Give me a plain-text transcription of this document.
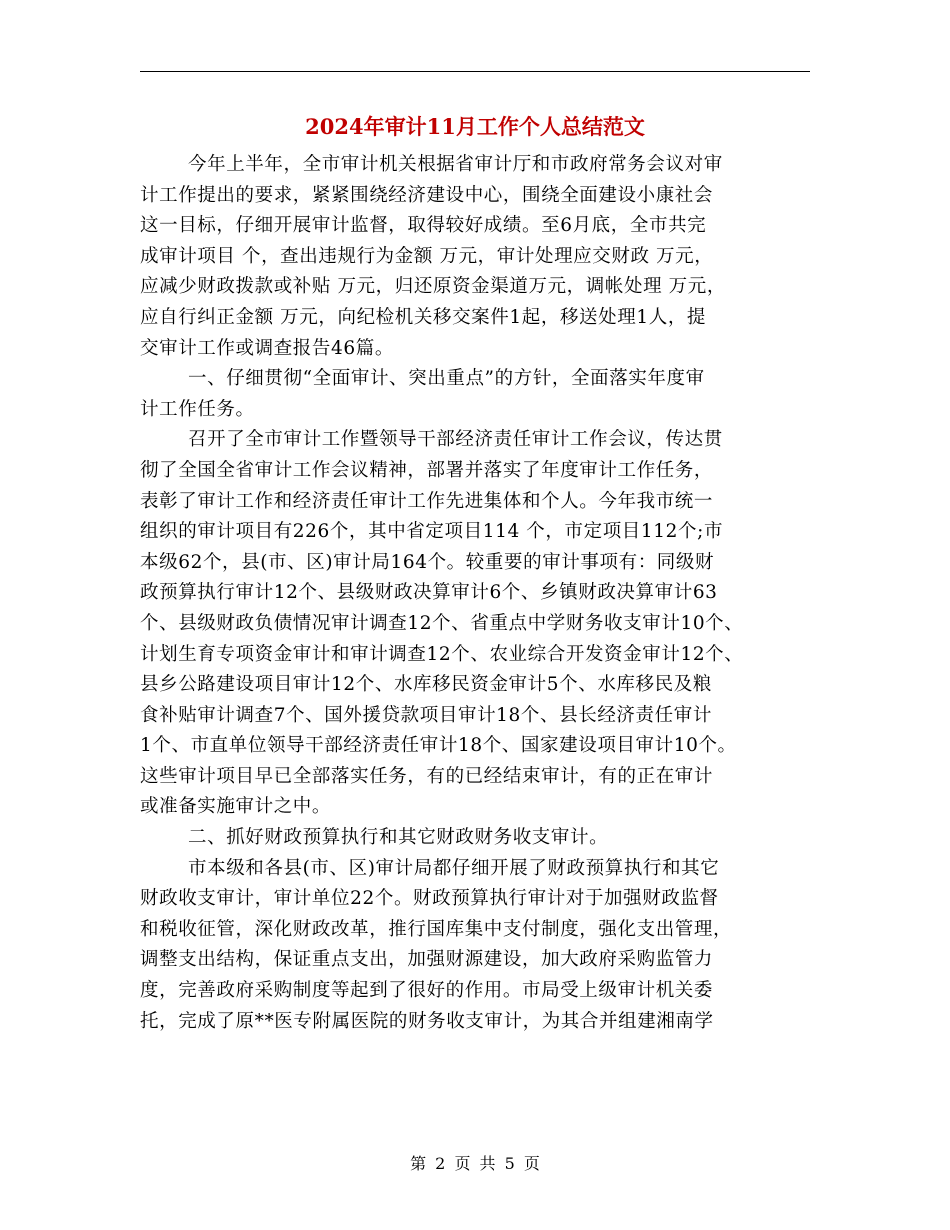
2024年审计11月工作个人总结范文
今年上半年，全市审计机关根据省审计厅和市政府常务会议对审
计工作提出的要求，紧紧围绕经济建设中心，围绕全面建设小康社会
这一目标，仔细开展审计监督，取得较好成绩。至6月底，全市共完
成审计项目 个，查出违规行为金额 万元，审计处理应交财政 万元，
应减少财政拨款或补贴 万元，归还原资金渠道万元，调帐处理 万元，
应自行纠正金额 万元，向纪检机关移交案件1起，移送处理1人，提
交审计工作或调查报告46篇。
一、仔细贯彻“全面审计、突出重点”的方针，全面落实年度审
计工作任务。
召开了全市审计工作暨领导干部经济责任审计工作会议，传达贯
彻了全国全省审计工作会议精神，部署并落实了年度审计工作任务，
表彰了审计工作和经济责任审计工作先进集体和个人。今年我市统一
组织的审计项目有226个，其中省定项目114 个，市定项目112个;市
本级62个，县(市、区)审计局164个。较重要的审计事项有：同级财
政预算执行审计12个、县级财政决算审计6个、乡镇财政决算审计63
个、县级财政负债情况审计调查12个、省重点中学财务收支审计10个、
计划生育专项资金审计和审计调查12个、农业综合开发资金审计12个、
县乡公路建设项目审计12个、水库移民资金审计5个、水库移民及粮
食补贴审计调查7个、国外援贷款项目审计18个、县长经济责任审计
1个、市直单位领导干部经济责任审计18个、国家建设项目审计10个。
这些审计项目早已全部落实任务，有的已经结束审计，有的正在审计
或准备实施审计之中。
二、抓好财政预算执行和其它财政财务收支审计。
市本级和各县(市、区)审计局都仔细开展了财政预算执行和其它
财政收支审计，审计单位22个。财政预算执行审计对于加强财政监督
和税收征管，深化财政改革，推行国库集中支付制度，强化支出管理，
调整支出结构，保证重点支出，加强财源建设，加大政府采购监管力
度，完善政府采购制度等起到了很好的作用。市局受上级审计机关委
托，完成了原**医专附属医院的财务收支审计，为其合并组建湘南学
第 2 页 共 5 页
